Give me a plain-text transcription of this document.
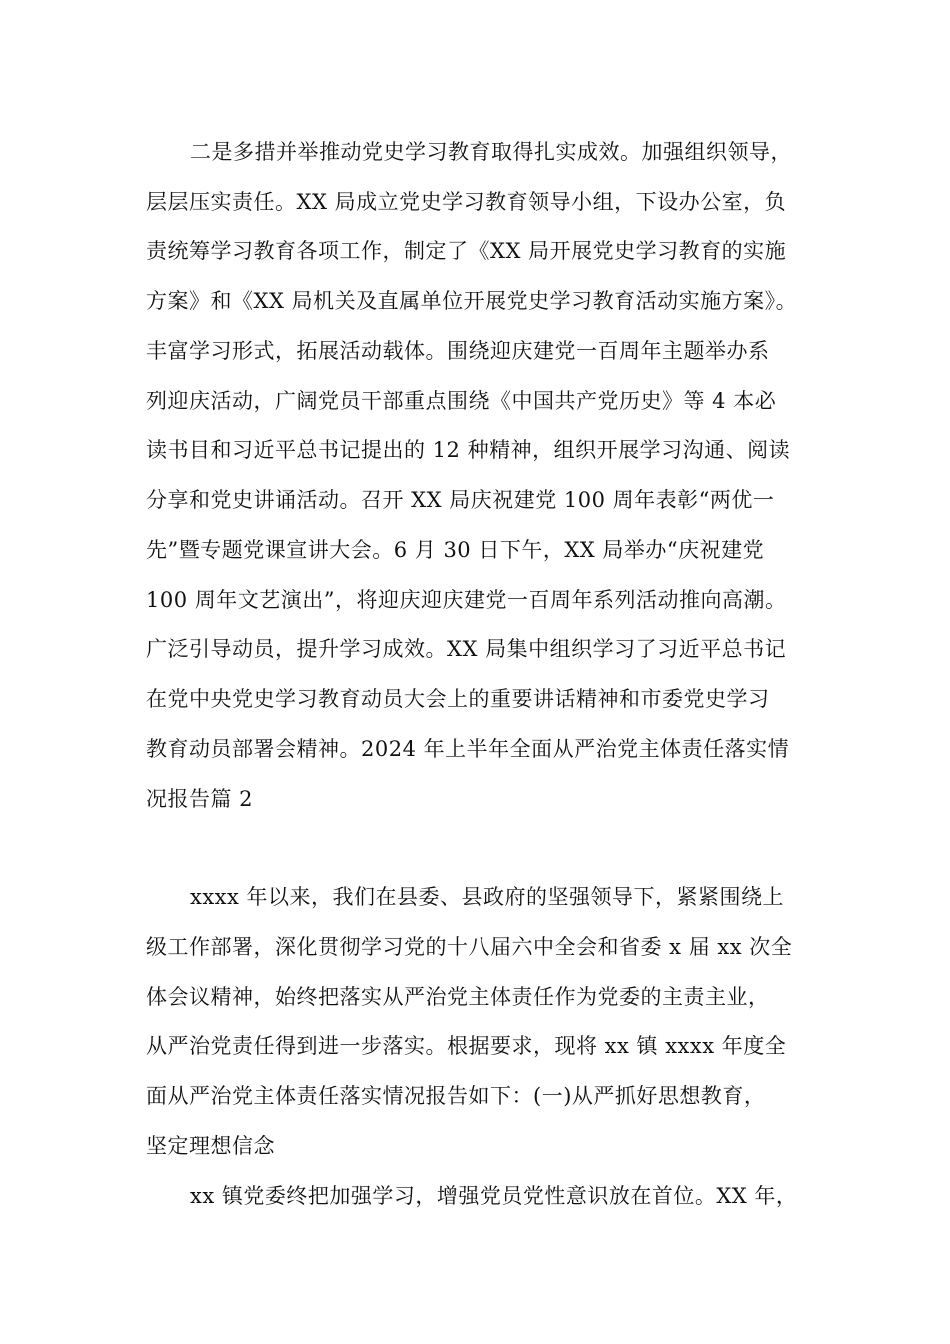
二是多措并举推动党史学习教育取得扎实成效。加强组织领导，
层层压实责任。XX 局成立党史学习教育领导小组，下设办公室，负
责统筹学习教育各项工作，制定了《XX 局开展党史学习教育的实施
方案》和《XX 局机关及直属单位开展党史学习教育活动实施方案》。
丰富学习形式，拓展活动载体。围绕迎庆建党一百周年主题举办系
列迎庆活动，广阔党员干部重点围绕《中国共产党历史》等 4 本必
读书目和习近平总书记提出的 12 种精神，组织开展学习沟通、阅读
分享和党史讲诵活动。召开 XX 局庆祝建党 100 周年表彰“两优一
先”暨专题党课宣讲大会。6 月 30 日下午，XX 局举办“庆祝建党
100 周年文艺演出”，将迎庆迎庆建党一百周年系列活动推向高潮。
广泛引导动员，提升学习成效。XX 局集中组织学习了习近平总书记
在党中央党史学习教育动员大会上的重要讲话精神和市委党史学习
教育动员部署会精神。2024 年上半年全面从严治党主体责任落实情
况报告篇 2
xxxx 年以来，我们在县委、县政府的坚强领导下，紧紧围绕上
级工作部署，深化贯彻学习党的十八届六中全会和省委 x 届 xx 次全
体会议精神，始终把落实从严治党主体责任作为党委的主责主业，
从严治党责任得到进一步落实。根据要求，现将 xx 镇 xxxx 年度全
面从严治党主体责任落实情况报告如下：(一)从严抓好思想教育，
坚定理想信念
xx 镇党委终把加强学习，增强党员党性意识放在首位。XX 年，
